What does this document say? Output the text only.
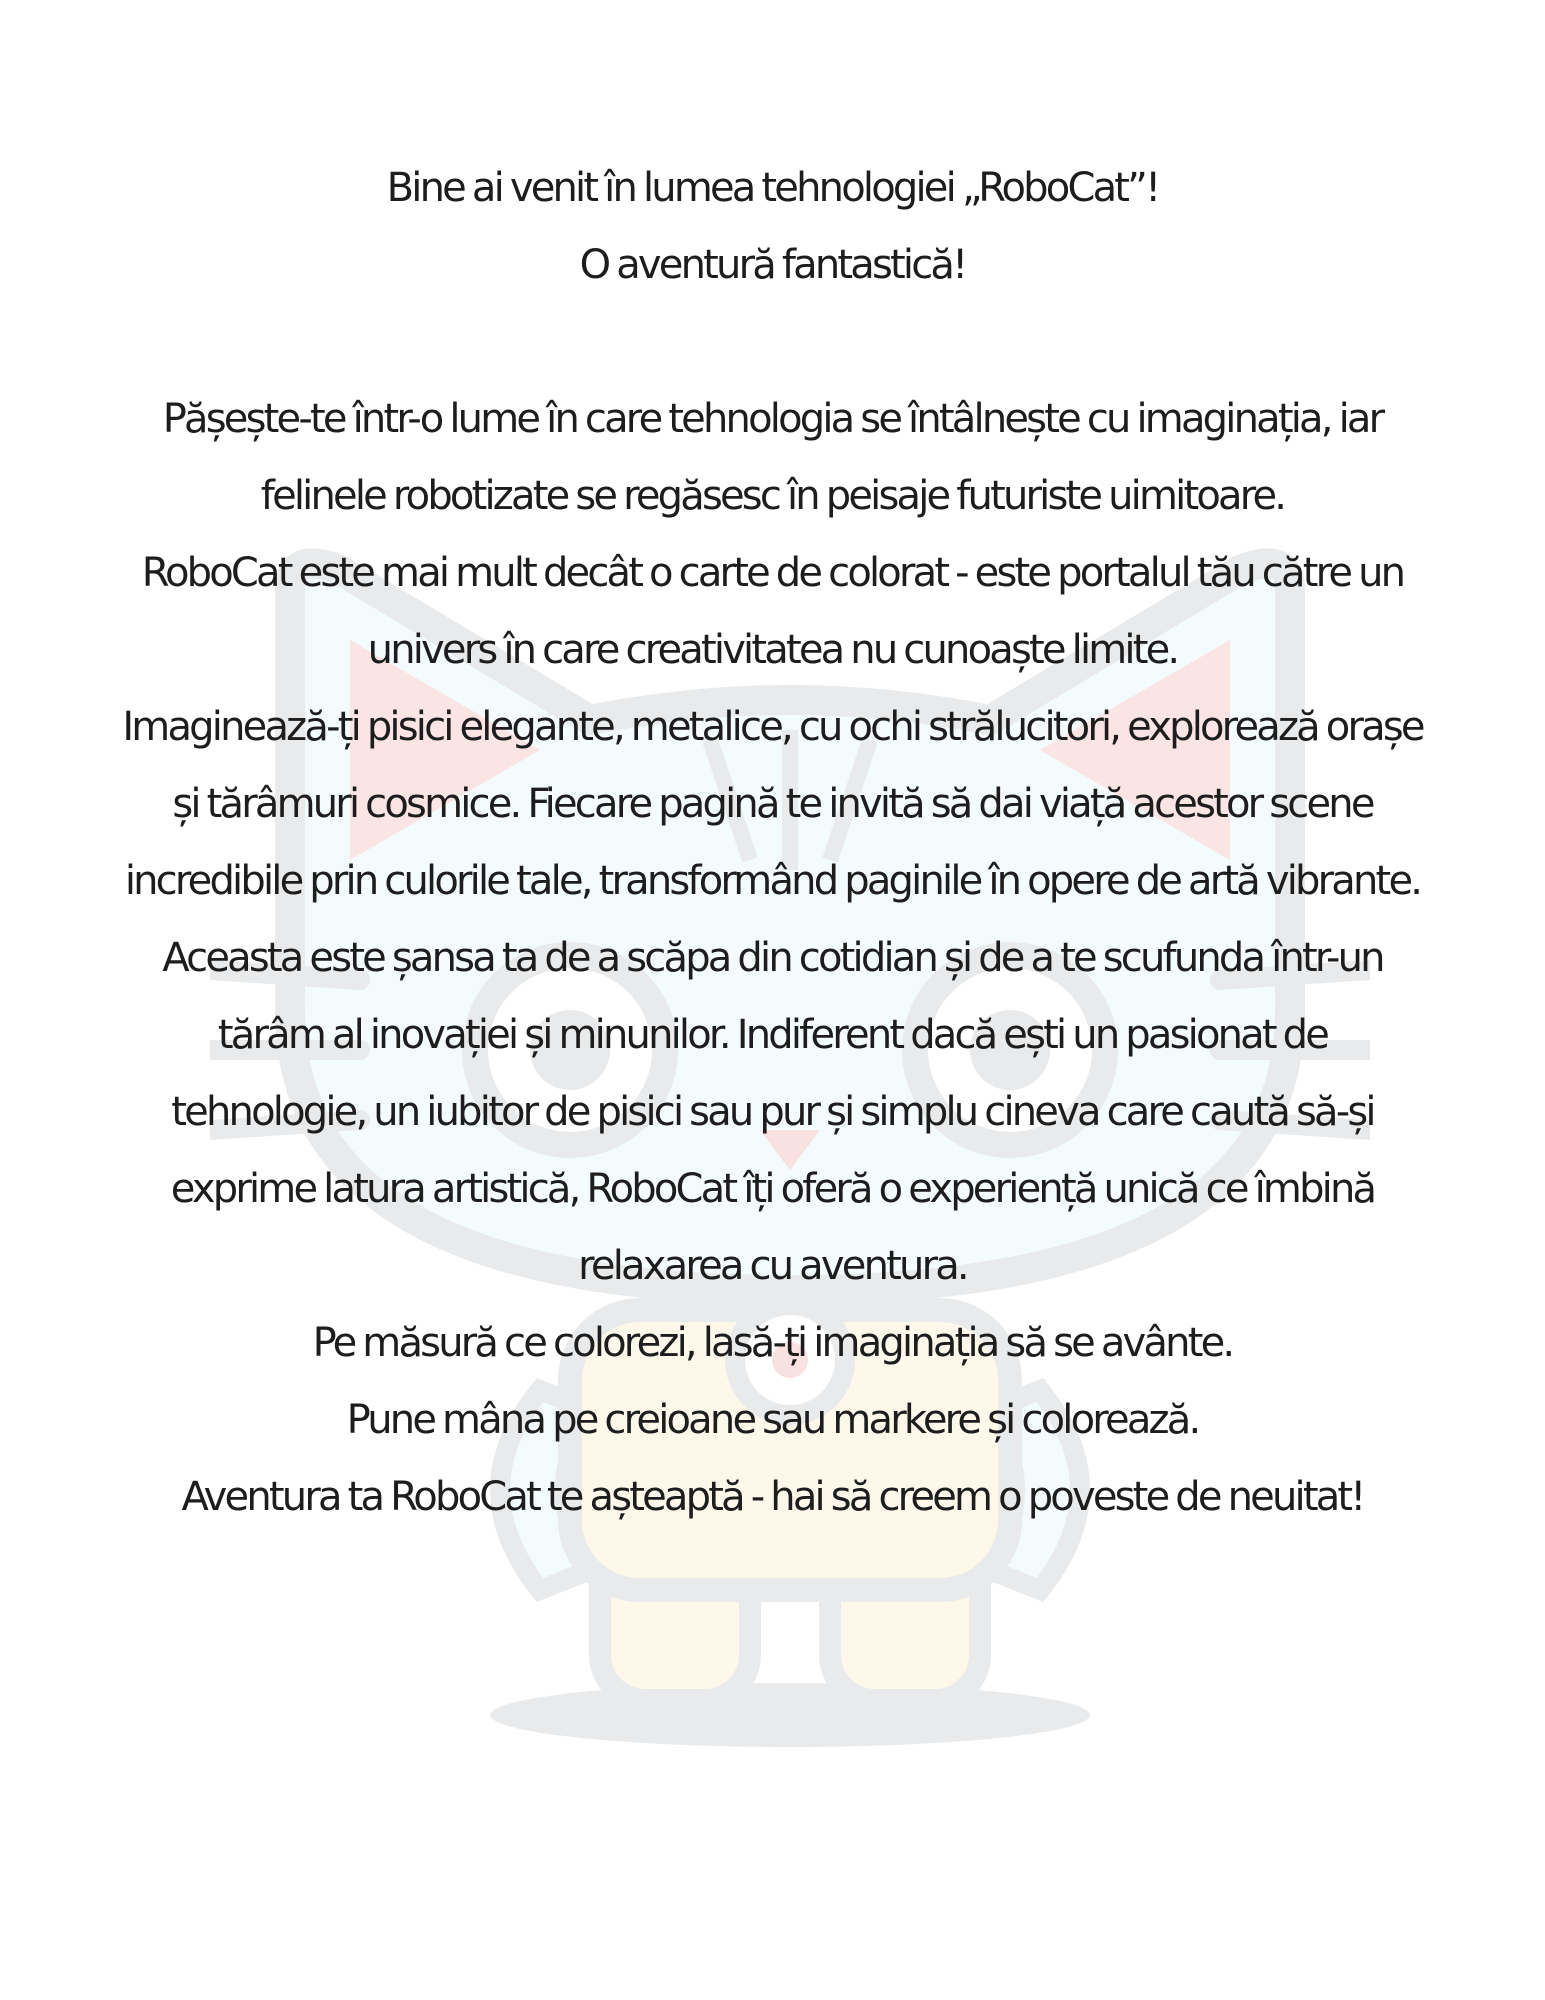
Bine ai venit în lumea tehnologiei „RoboCat”!

O aventură fantastică!

Pășește-te într-o lume în care tehnologia se întâlnește cu imaginația, iar felinele robotizate se regăsesc în peisaje futuriste uimitoare.

RoboCat este mai mult decât o carte de colorat - este portalul tău către un univers în care creativitatea nu cunoaște limite.

Imaginează-ți pisici elegante, metalice, cu ochi strălucitori, explorează orașe și tărâmuri cosmice. Fiecare pagină te invită să dai viață acestor scene incredibile prin culorile tale, transformând paginile în opere de artă vibrante.

Aceasta este șansa ta de a scăpa din cotidian și de a te scufunda într-un tărâm al inovației și minunilor. Indiferent dacă ești un pasionat de tehnologie, un iubitor de pisici sau pur și simplu cineva care caută să-și exprime latura artistică, RoboCat îți oferă o experiență unică ce îmbină relaxarea cu aventura.

Pe măsură ce colorezi, lasă-ți imaginația să se avânte.

Pune mâna pe creioane sau markere și colorează.

Aventura ta RoboCat te așteaptă - hai să creem o poveste de neuitat!
